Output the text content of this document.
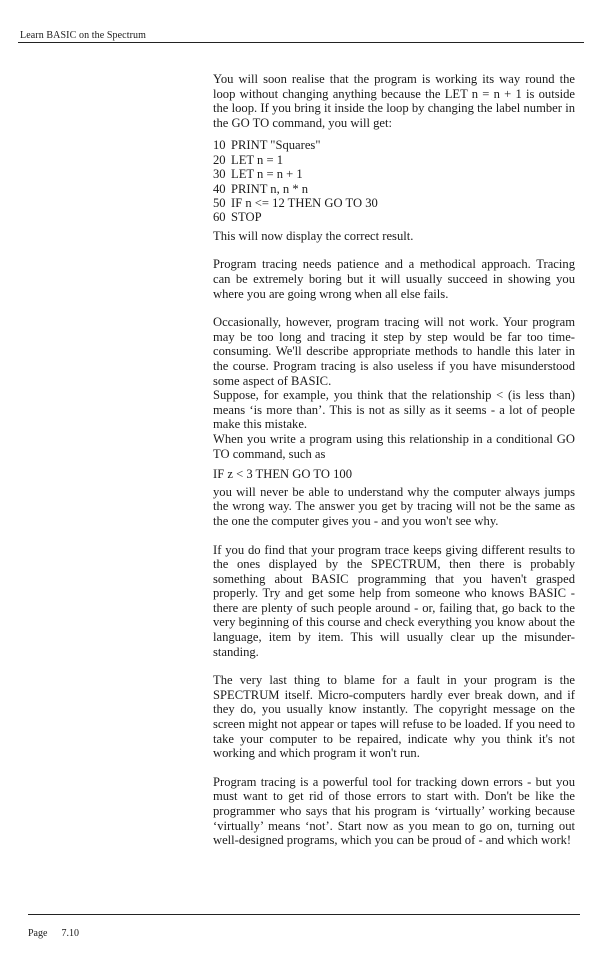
Learn BASIC on the Spectrum

You will soon realise that the program is working its way round the loop without changing anything because the LET n = n + 1 is outside the loop. If you bring it inside the loop by changing the label number in the GO TO command, you will get:

10 PRINT "Squares"
20 LET n = 1
30 LET n = n + 1
40 PRINT n, n * n
50 IF n <= 12 THEN GO TO 30
60 STOP

This will now display the correct result.

Program tracing needs patience and a methodical approach. Tracing can be extremely boring but it will usually succeed in showing you where you are going wrong when all else fails.

Occasionally, however, program tracing will not work. Your program may be too long and tracing it step by step would be far too time-consuming. We'll describe appropriate methods to handle this later in the course. Program tracing is also useless if you have misunderstood some aspect of BASIC.

Suppose, for example, you think that the relationship < (is less than) means ‘is more than’. This is not as silly as it seems - a lot of people make this mistake.

When you write a program using this relationship in a conditional GO TO command, such as

IF z < 3 THEN GO TO 100

you will never be able to understand why the computer always jumps the wrong way. The answer you get by tracing will not be the same as the one the computer gives you - and you won't see why.

If you do find that your program trace keeps giving different results to the ones displayed by the SPECTRUM, then there is probably something about BASIC programming that you haven't grasped properly. Try and get some help from someone who knows BASIC - there are plenty of such people around - or, failing that, go back to the very beginning of this course and check everything you know about the language, item by item. This will usually clear up the misunder-standing.

The very last thing to blame for a fault in your program is the SPECTRUM itself. Micro-computers hardly ever break down, and if they do, you usually know instantly. The copyright message on the screen might not appear or tapes will refuse to be loaded. If you need to take your computer to be repaired, indicate why you think it's not working and which program it won't run.

Program tracing is a powerful tool for tracking down errors - but you must want to get rid of those errors to start with. Don't be like the programmer who says that his program is ‘virtually’ working because ‘virtually’ means ‘not’. Start now as you mean to go on, turning out well-designed programs, which you can be proud of - and which work!

Page 7.10
